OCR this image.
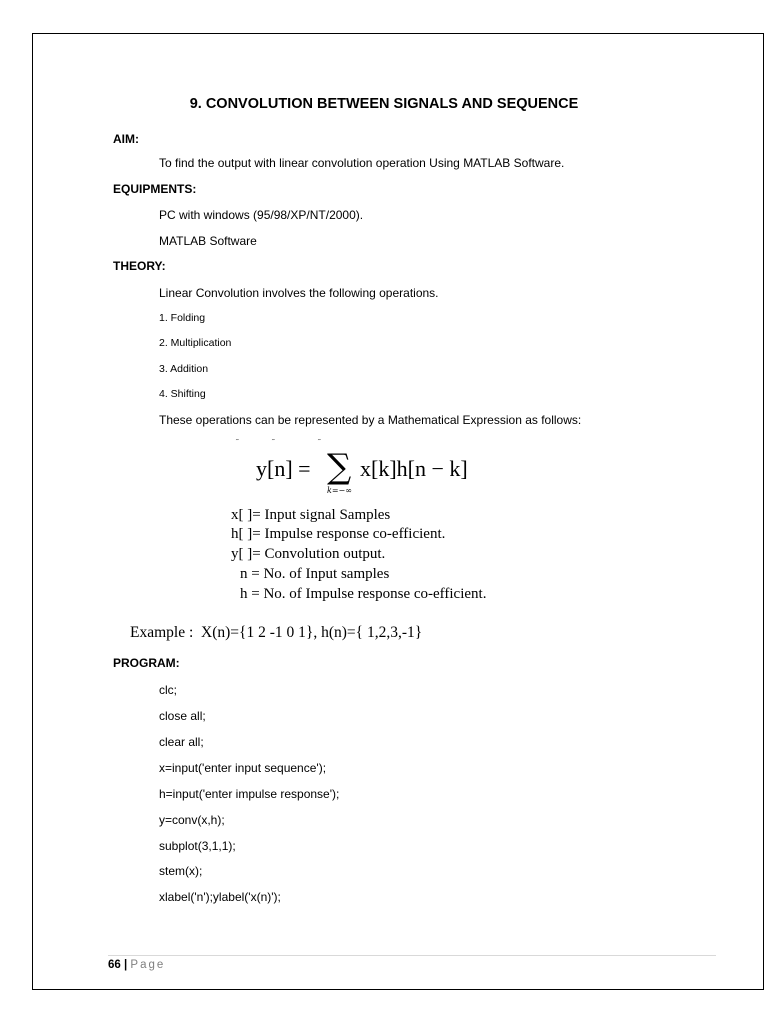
9. CONVOLUTION BETWEEN SIGNALS AND SEQUENCE
AIM:
To find the output with linear convolution operation Using MATLAB Software.
EQUIPMENTS:
PC with windows (95/98/XP/NT/2000).
MATLAB Software
THEORY:
Linear Convolution involves the following operations.
1. Folding
2. Multiplication
3. Addition
4. Shifting
These operations can be represented by a Mathematical Expression as follows:
˜	˜	˜
y[n] = ∑
k=−∞
x[k]h[n − k]
x[ ]= Input signal Samples
h[ ]= Impulse response co-efficient.
y[ ]= Convolution output.
n = No. of Input samples
h = No. of Impulse response co-efficient.
Example :  X(n)={1 2 -1 0 1}, h(n)={ 1,2,3,-1}
PROGRAM:
clc;
close all;
clear all;
x=input('enter input sequence');
h=input('enter impulse response');
y=conv(x,h);
subplot(3,1,1);
stem(x);
xlabel('n');ylabel('x(n)');
66 | Page
